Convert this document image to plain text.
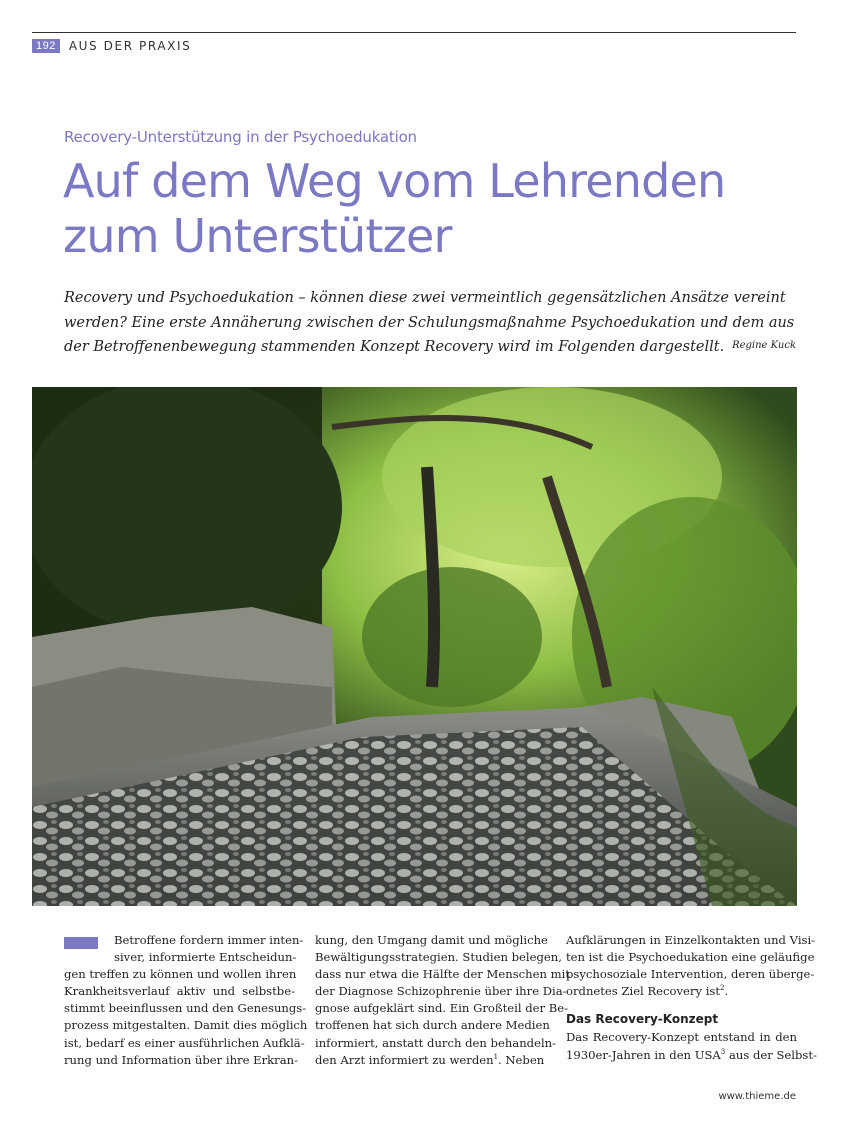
192	AUS DER PRAXIS
Recovery-Unterstützung in der Psychoedukation
Auf dem Weg vom Lehrenden
zum Unterstützer
Recovery und Psychoedukation – können diese zwei vermeintlich gegensätzlichen Ansätze vereint
werden? Eine erste Annäherung zwischen der Schulungsmaßnahme Psychoedukation und dem aus
der Betroffenenbewegung stammenden Konzept Recovery wird im Folgenden dargestellt. Regine Kuck
Betroffene fordern immer inten-
siver, informierte Entscheidun-
gen treffen zu können und wollen ihren
Krankheitsverlauf aktiv und selbstbe-
stimmt beeinflussen und den Genesungs-
prozess mitgestalten. Damit dies möglich
ist, bedarf es einer ausführlichen Aufklä-
rung und Information über ihre Erkran-
kung, den Umgang damit und mögliche
Bewältigungsstrategien. Studien belegen,
dass nur etwa die Hälfte der Menschen mit
der Diagnose Schizophrenie über ihre Dia-
gnose aufgeklärt sind. Ein Großteil der Be-
troffenen hat sich durch andere Medien
informiert, anstatt durch den behandeln-
den Arzt informiert zu werden$^1$. Neben
Aufklärungen in Einzelkontakten und Visi-
ten ist die Psychoedukation eine geläufige
psychosoziale Intervention, deren überge-
ordnetes Ziel Recovery ist$^2$.
Das Recovery-Konzept
Das Recovery-Konzept entstand in den
1930er-Jahren in den USA$^3$ aus der Selbst-
www.thieme.de
